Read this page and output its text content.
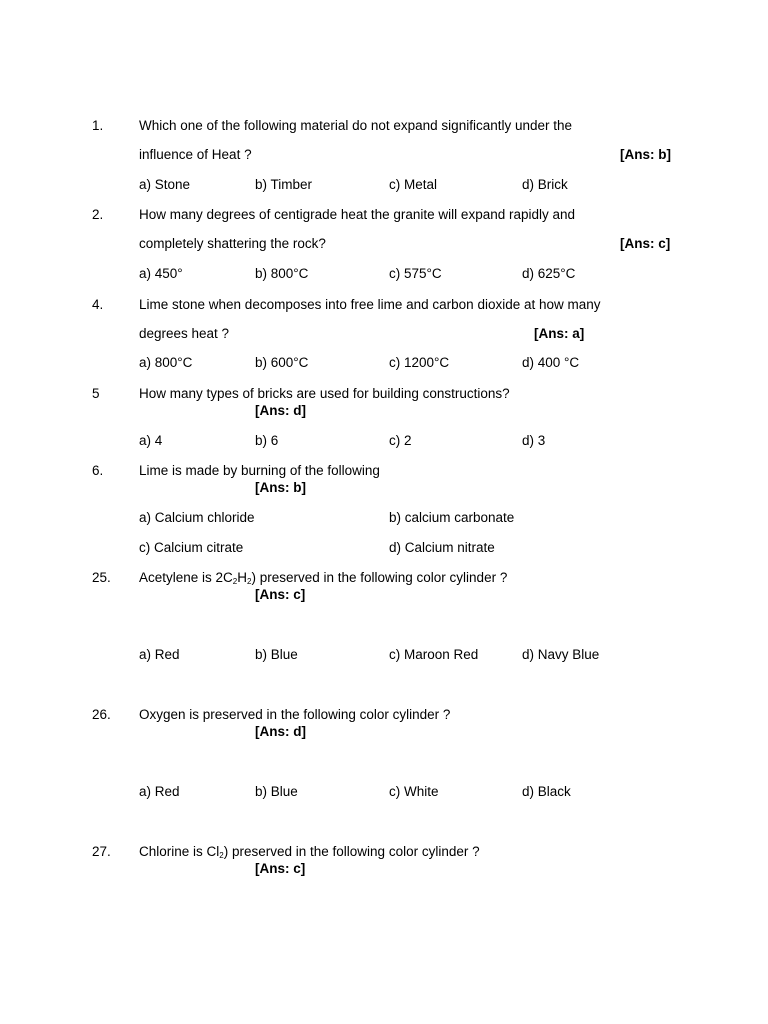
1.	Which one of the following material do not expand significantly under the
influence of Heat ?	[Ans: b]
a) Stone	b) Timber	c) Metal	d) Brick
2.	How many degrees of centigrade heat the granite will expand rapidly and
completely shattering the rock?	[Ans: c]
a) 450°	b) 800°C	c) 575°C	d) 625°C
4.	Lime stone when decomposes into free lime and carbon dioxide at how many
degrees heat ?	[Ans: a]
a) 800°C	b) 600°C	c) 1200°C	d) 400 °C
5	How many types of bricks are used for building constructions?
[Ans: d]
a) 4	b) 6	c) 2	d) 3
6.	Lime is made by burning of the following
[Ans: b]
a) Calcium chloride	b) calcium carbonate
c) Calcium citrate	d) Calcium nitrate
25. Acetylene is $2C_2H_2$) preserved in the following color cylinder ?
[Ans: c]
a) Red	b) Blue	c) Maroon Red	d) Navy Blue
26. Oxygen is preserved in the following color cylinder ?
[Ans: d]
a) Red	b) Blue	c) White	d) Black
27. Chlorine is $Cl_2$) preserved in the following color cylinder ?
[Ans: c]
